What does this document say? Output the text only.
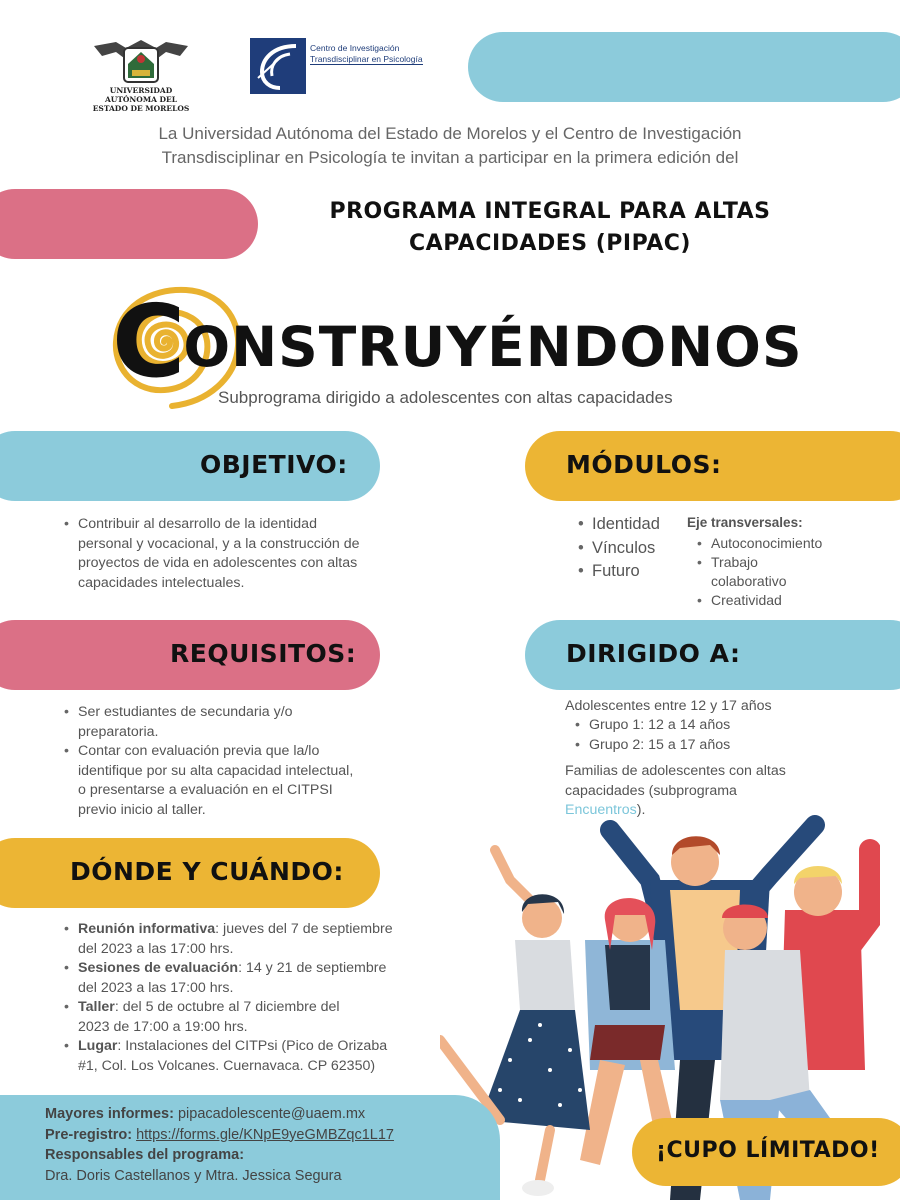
UNIVERSIDAD AUTÓNOMA DEL
ESTADO DE MORELOS
Centro de Investigación
Transdisciplinar en Psicología
La Universidad Autónoma del Estado de Morelos y el Centro de Investigación
Transdisciplinar en Psicología te invitan a participar en la primera edición del
PROGRAMA INTEGRAL PARA ALTAS
CAPACIDADES (PIPAC)
CONSTRUYÉNDONOS
Subprograma dirigido a adolescentes con altas capacidades
OBJETIVO:
• Contribuir al desarrollo de la identidad personal y vocacional, y a la construcción de proyectos de vida en adolescentes con altas capacidades intelectuales.
MÓDULOS:
• Identidad
• Vínculos
• Futuro
Eje transversales:
• Autoconocimiento
• Trabajo colaborativo
• Creatividad
REQUISITOS:
• Ser estudiantes de secundaria y/o preparatoria.
• Contar con evaluación previa que la/lo identifique por su alta capacidad intelectual, o presentarse a evaluación en el CITPSI previo inicio al taller.
DIRIGIDO A:
Adolescentes entre 12 y 17 años
• Grupo 1: 12 a 14 años
• Grupo 2: 15 a 17 años
Familias de adolescentes con altas capacidades (subprograma Encuentros).
DÓNDE Y CUÁNDO:
• Reunión informativa: jueves del 7 de septiembre del 2023 a las 17:00 hrs.
• Sesiones de evaluación: 14 y 21 de septiembre del 2023 a las 17:00 hrs.
• Taller: del 5 de octubre al 7 diciembre del 2023 de 17:00 a 19:00 hrs.
• Lugar: Instalaciones del CITPsi (Pico de Orizaba #1, Col. Los Volcanes. Cuernavaca. CP 62350)
Mayores informes: pipacadolescente@uaem.mx
Pre-registro: https://forms.gle/KNpE9yeGMBZqc1L17
Responsables del programa:
Dra. Doris Castellanos y Mtra. Jessica Segura
¡CUPO LÍMITADO!
